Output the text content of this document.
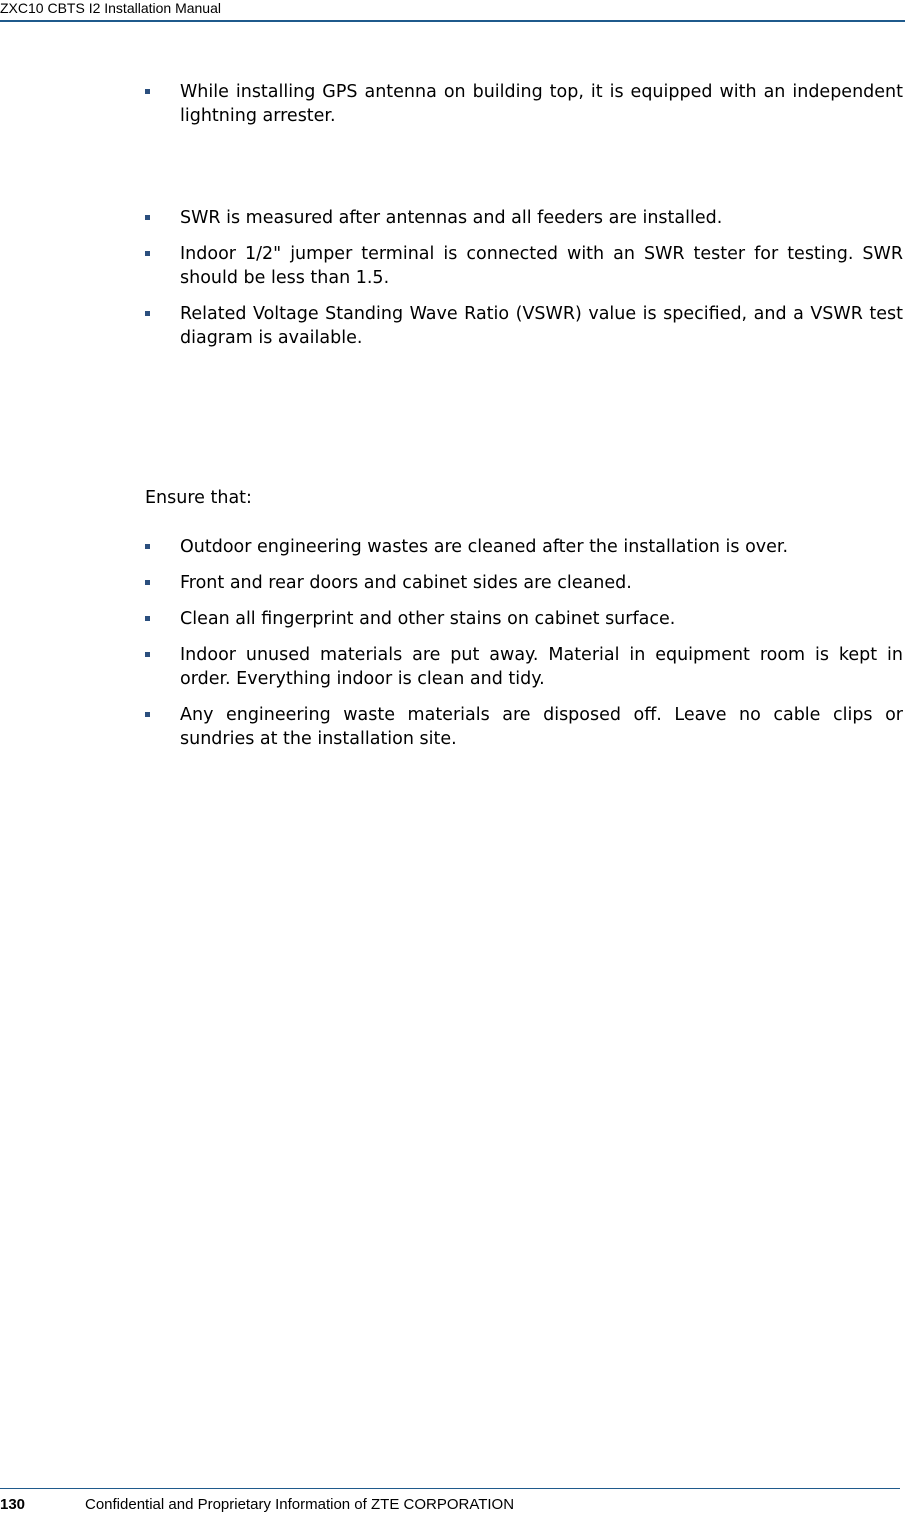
ZXC10 CBTS I2 Installation Manual
While installing GPS antenna on building top, it is equipped with an independent lightning arrester.
SWR is measured after antennas and all feeders are installed.
Indoor 1/2" jumper terminal is connected with an SWR tester for testing. SWR should be less than 1.5.
Related Voltage Standing Wave Ratio (VSWR) value is specified, and a VSWR test diagram is available.

Ensure that:

Outdoor engineering wastes are cleaned after the installation is over.
Front and rear doors and cabinet sides are cleaned.
Clean all fingerprint and other stains on cabinet surface.
Indoor unused materials are put away. Material in equipment room is kept in order. Everything indoor is clean and tidy.
Any engineering waste materials are disposed off. Leave no cable clips or sundries at the installation site.
130	Confidential and Proprietary Information of ZTE CORPORATION
